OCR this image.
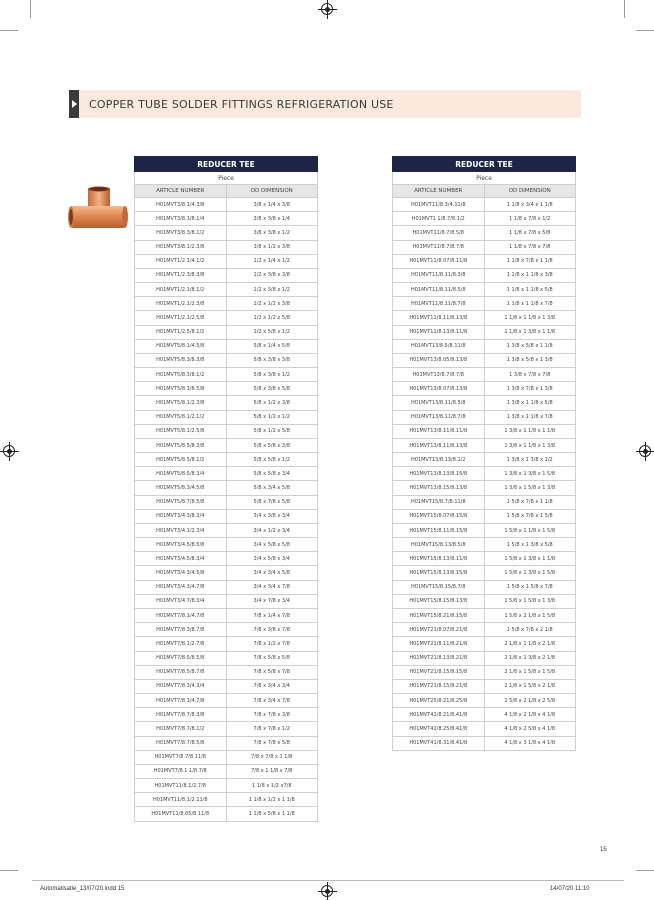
COPPER TUBE SOLDER FITTINGS REFRIGERATION USE
REDUCER TEE	
Piece	
ARTICLE NUMBER	OD DIMENSION
H01MVT3/8.1/4.3/8	3/8 x 1/4 x 3/8
H01MVT3/8.3/8.1/4	3/8 x 3/8 x 1/4
H01MVT3/8.3/8.1/2	3/8 x 3/8 x 1/2
H01MVT3/8.1/2.3/8	3/8 x 1/2 x 3/8
H01MVT1/2.1/4.1/2	1/2 x 1/4 x 1/2
H01MVT1/2.3/8.3/8	1/2 x 3/8 x 3/8
H01MVT1/2.3/8.1/2	1/2 x 3/8 x 1/2
H01MVT1/2.1/2.3/8	1/2 x 1/2 x 3/8
H01MVT1/2.1/2.5/8	1/2 x 1/2 x 5/8
H01MVT1/2.5/8.1/2	1/2 x 5/8 x 1/2
H01MVT5/8.1/4.5/8	5/8 x 1/4 x 5/8
H01MVT5/8.3/8.3/8	5/8 x 3/8 x 3/8
H01MVT5/8.3/8.1/2	5/8 x 3/8 x 1/2
H01MVT5/8.3/8.5/8	5/8 x 3/8 x 5/8
H01MVT5/8.1/2.3/8	5/8 x 1/2 x 3/8
H01MVT5/8.1/2.1/2	5/8 x 1/2 x 1/2
H01MVT5/8.1/2.5/8	5/8 x 1/2 x 5/8
H01MVT5/8.5/8.3/8	5/8 x 5/8 x 3/8
H01MVT5/8.5/8.1/2	5/8 x 5/8 x 1/2
H01MVT5/8.5/8.3/4	5/8 x 5/8 x 3/4
H01MVT5/8.3/4.5/8	5/8 x 3/4 x 5/8
H01MVT5/8.7/8.5/8	5/8 x 7/8 x 5/8
H01MVT3/4.3/8.3/4	3/4 x 3/8 x 3/4
H01MVT3/4.1/2.3/4	3/4 x 1/2 x 3/4
H01MVT3/4.5/8.5/8	3/4 x 5/8 x 5/8
H01MVT3/4.5/8.3/4	3/4 x 5/8 x 3/4
H01MVT3/4.3/4.5/8	3/4 x 3/4 x 5/8
H01MVT3/4.3/4.7/8	3/4 x 3/4 x 7/8
H01MVT3/4.7/8.3/4	3/4 x 7/8 x 3/4
H01MVT7/8.1/4.7/8	7/8 x 1/4 x 7/8
H01MVT7/8.3/8.7/8	7/8 x 3/8 x 7/8
H01MVT7/8.1/2.7/8	7/8 x 1/2 x 7/8
H01MVT7/8.5/8.5/8	7/8 x 5/8 x 5/8
H01MVT7/8.5/8.7/8	7/8 x 5/8 x 7/8
H01MVT7/8.3/4.3/4	7/8 x 3/4 x 3/4
H01MVT7/8.3/4.7/8	7/8 x 3/4 x 7/8
H01MVT7/8.7/8.3/8	7/8 x 7/8 x 3/8
H01MVT7/8.7/8.1/2	7/8 x 7/8 x 1/2
H01MVT7/8.7/8.5/8	7/8 x 7/8 x 5/8
H01MVT7/8.7/8.11/8	7/8 x 7/8 x 1 1/8
H01MVT7/8.1 1/8.7/8	7/8 x 1 1/8 x 7/8
H01MVT11/8.1/2.7/8	1 1/8 x 1/2 x7/8
H01MVT11/8.1/2.11/8	1 1/8 x 1/2 x 1 1/8
H01MVT11/8.05/8.11/8	1 1/8 x 5/8 x 1 1/8
REDUCER TEE	
Piece	
ARTICLE NUMBER	OD DIMENSION
H01MVT11/8.3/4.11/8	1 1/8 x 3/4 x 1 1/8
H01MVT1 1/8.7/8.1/2	1 1/8 x 7/8 x 1/2
H01MVT11/8.7/8.5/8	1 1/8 x 7/8 x 5/8
H01MVT11/8.7/8.7/8	1 1/8 x 7/8 x 7/8
H01MVT11/8.07/8.11/8	1 1/8 x 7/8 x 1 1/8
H01MVT11/8.11/8.3/8	1 1/8 x 1 1/8 x 3/8
H01MVT11/8.11/8.5/8	1 1/8 x 1 1/8 x 5/8
H01MVT11/8.11/8.7/8	1 1/8 x 1 1/8 x 7/8
H01MVT11/8.11/8.13/8	1 1/8 x 1 1/8 x 1 3/8
H01MVT11/8.13/8.11/8	1 1/8 x 1 3/8 x 1 1/8
H01MVT13/8.5/8.11/8	1 3/8 x 5/8 x 1 1/8
H01MVT13/8.05/8.13/8	1 3/8 x 5/8 x 1 3/8
H01MVT13/8.7/8.7/8	1 3/8 x 7/8 x 7/8
H01MVT13/8.07/8.13/8	1 3/8 x 7/8 x 1 3/8
H01MVT13/8.11/8.5/8	1 3/8 x 1 1/8 x 5/8
H01MVT13/8.11/8.7/8	1 3/8 x 1 1/8 x 7/8
H01MVT13/8.11/8.11/8	1 3/8 x 1 1/8 x 1 1/8
H01MVT13/8.11/8.13/8	1 3/8 x 1 1/8 x 1 3/8
H01MVT13/8.13/8.1/2	1 3/8 x 1 3/8 x 1/2
H01MVT13/8.13/8.15/8	1 3/8 x 1 3/8 x 1 5/8
H01MVT13/8.15/8.13/8	1 3/8 x 1 5/8 x 1 3/8
H01MVT15/8.7/8.11/8	1 5/8 x 7/8 x 1 1/8
H01MVT15/8.07/8.15/8	1 5/8 x 7/8 x 1 5/8
H01MVT15/8.11/8.15/8	1 5/8 x 1 1/8 x 1 5/8
H01MVT15/8.13/8.5/8	1 5/8 x 1 3/8 x 5/8
H01MVT15/8.13/8.11/8	1 5/8 x 1 3/8 x 1 1/8
H01MVT15/8.13/8.15/8	1 5/8 x 1 3/8 x 1 5/8
H01MVT15/8.15/8.7/8	1 5/8 x 1 5/8 x 7/8
H01MVT15/8.15/8.13/8	1 5/8 x 1 5/8 x 1 3/8
H01MVT15/8.21/8.15/8	1 5/8 x 2 1/8 x 1 5/8
H01MVT21/8.07/8.21/8	1 5/8 x 7/8 x 2 1/8
H01MVT21/8.11/8.21/8	2 1/8 x 1 1/8 x 2 1/8
H01MVT21/8.13/8.21/8	2 1/8 x 1 3/8 x 2 1/8
H01MVT21/8.15/8.15/8	2 1/8 x 1 5/8 x 1 5/8
H01MVT21/8.15/8.21/8	2 1/8 x 1 5/8 x 2 1/8
H01MVT25/8.21/8.25/8	2 5/8 x 2 1/8 x 2 5/8
H01MVT41/8.21/8.41/8	4 1/8 x 2 1/8 x 4 1/8
H01MVT41/8.25/8.41/8	4 1/8 x 2 5/8 x 4 1/8
H01MVT41/8.31/8.41/8	4 1/8 x 3 1/8 x 4 1/8
15
Automatisatie_13/07/20.indd 15	14/07/20 11:10
